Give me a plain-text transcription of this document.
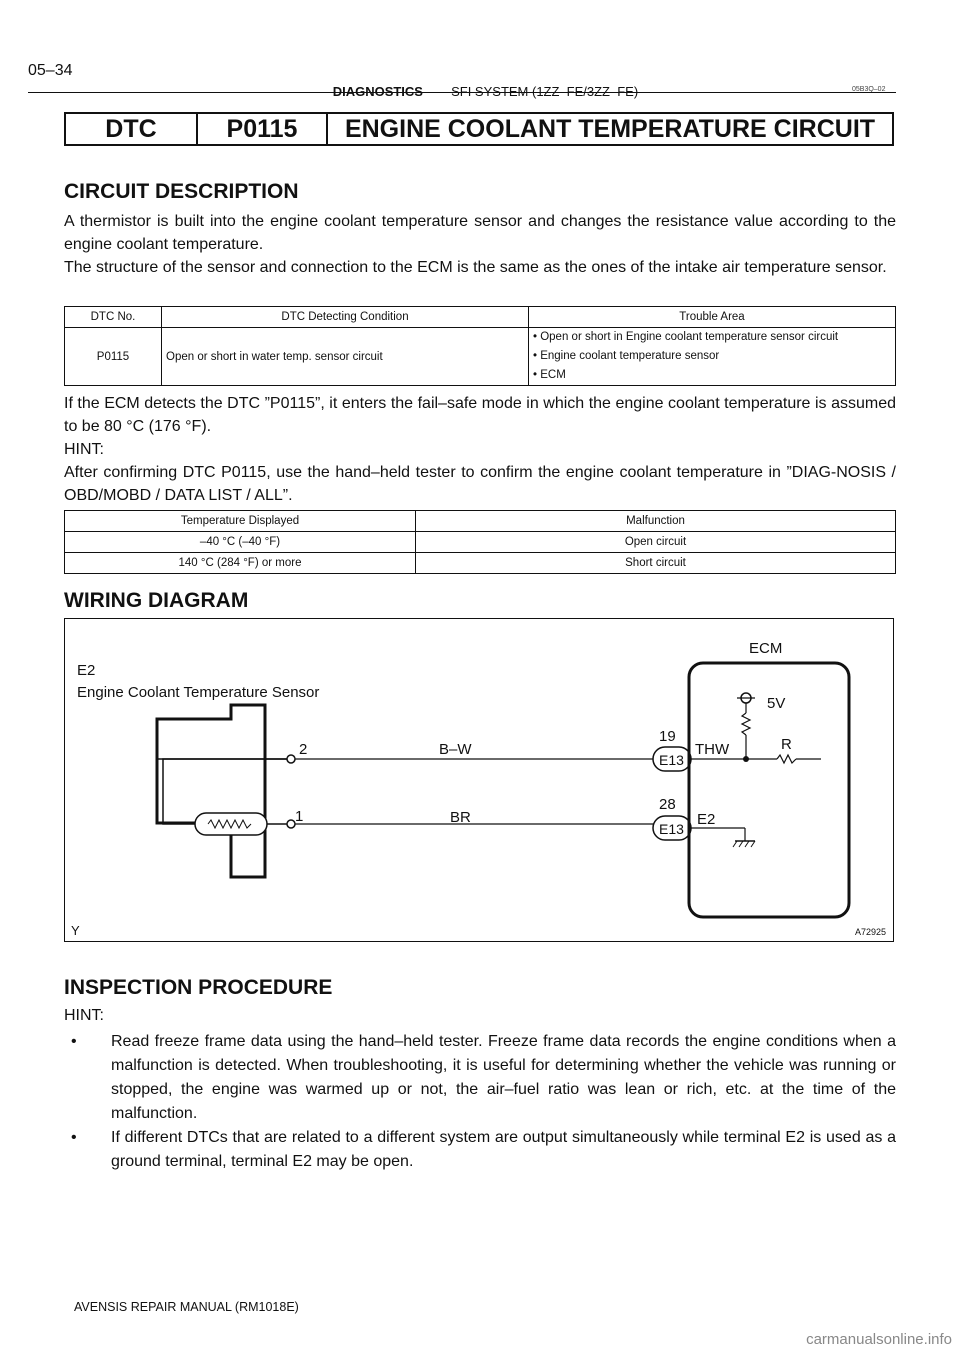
05–34
– DIAGNOSTICS – SFI SYSTEM (1ZZ–FE/3ZZ–FE)	05B3Q–02
DTC	P0115	ENGINE COOLANT TEMPERATURE CIRCUIT
CIRCUIT DESCRIPTION
A thermistor is built into the engine coolant temperature sensor and changes the resistance value according to the engine coolant temperature.
The structure of the sensor and connection to the ECM is the same as the ones of the intake air temperature sensor.
DTC No.	DTC Detecting Condition	Trouble Area
P0115	Open or short in water temp. sensor circuit	• Open or short in Engine coolant temperature sensor circuit
• Engine coolant temperature sensor
• ECM
If the ECM detects the DTC ”P0115”, it enters the fail–safe mode in which the engine coolant temperature is assumed to be 80 °C (176 °F).
HINT:
After confirming DTC P0115, use the hand–held tester to confirm the engine coolant temperature in ”DIAG-NOSIS / OBD/MOBD / DATA LIST / ALL”.
Temperature Displayed	Malfunction
–40 °C (–40 °F)	Open circuit
140 °C (284 °F) or more	Short circuit
WIRING DIAGRAM
E2
Engine Coolant Temperature Sensor
ECM
2
1
B–W
BR
E13
E13
19
28
THW
E2
5V
R
Y	A72925
INSPECTION PROCEDURE
HINT:
• Read freeze frame data using the hand–held tester. Freeze frame data records the engine conditions when a malfunction is detected. When troubleshooting, it is useful for determining whether the vehicle was running or stopped, the engine was warmed up or not, the air–fuel ratio was lean or rich, etc. at the time of the malfunction.
• If different DTCs that are related to a different system are output simultaneously while terminal E2 is used as a ground terminal, terminal E2 may be open.
AVENSIS REPAIR MANUAL (RM1018E)
carmanualsonline.info
